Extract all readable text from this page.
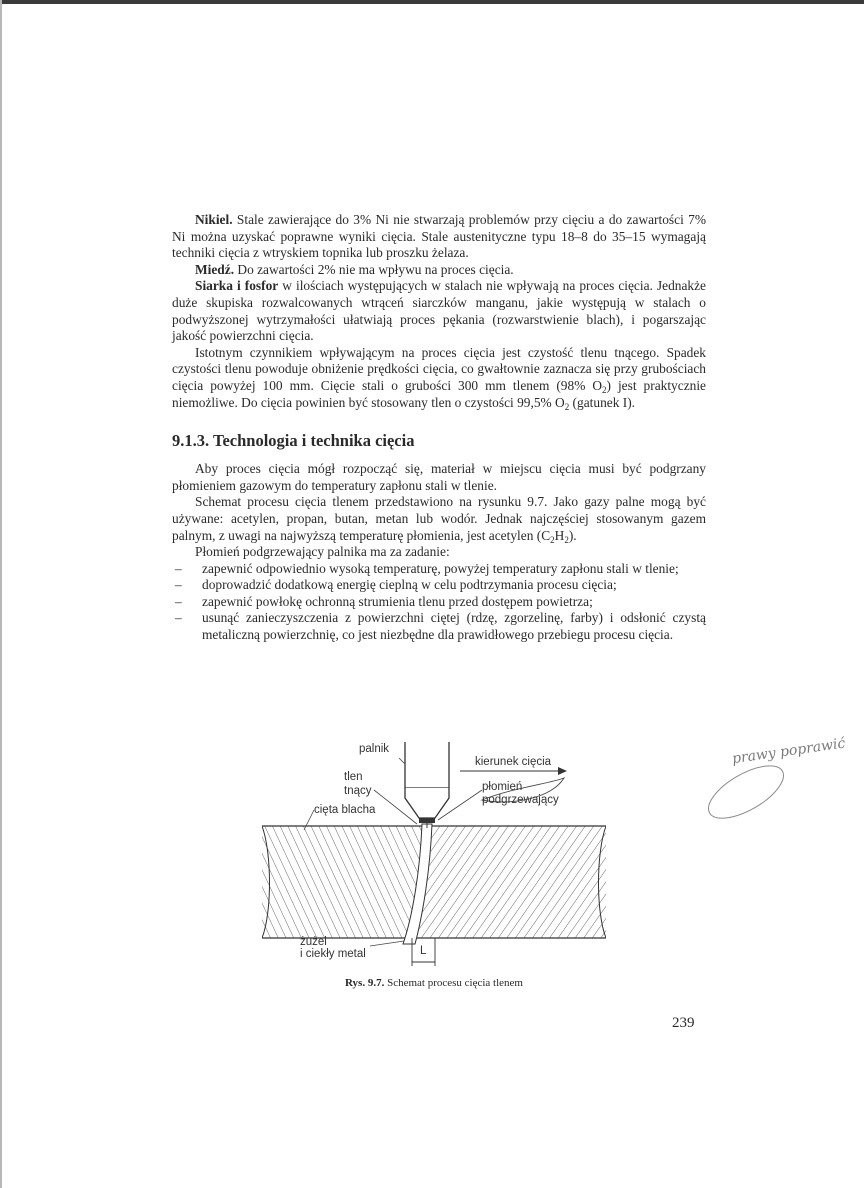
Nikiel. Stale zawierające do 3% Ni nie stwarzają problemów przy cięciu a do zawartości 7% Ni można uzyskać poprawne wyniki cięcia. Stale austenityczne typu 18–8 do 35–15 wymagają techniki cięcia z wtryskiem topnika lub proszku żelaza.

Miedź. Do zawartości 2% nie ma wpływu na proces cięcia.

Siarka i fosfor w ilościach występujących w stalach nie wpływają na proces cięcia. Jednakże duże skupiska rozwalcowanych wtrąceń siarczków manganu, jakie występują w stalach o podwyższonej wytrzymałości ułatwiają proces pękania (rozwarstwienie blach), i pogarszając jakość powierzchni cięcia.

Istotnym czynnikiem wpływającym na proces cięcia jest czystość tlenu tnącego. Spadek czystości tlenu powoduje obniżenie prędkości cięcia, co gwałtownie zaznacza się przy grubościach cięcia powyżej 100 mm. Cięcie stali o grubości 300 mm tlenem (98% $O_2$) jest praktycznie niemożliwe. Do cięcia powinien być stosowany tlen o czystości 99,5% $O_2$ (gatunek I).

9.1.3. Technologia i technika cięcia

Aby proces cięcia mógł rozpocząć się, materiał w miejscu cięcia musi być podgrzany płomieniem gazowym do temperatury zapłonu stali w tlenie.

Schemat procesu cięcia tlenem przedstawiono na rysunku 9.7. Jako gazy palne mogą być używane: acetylen, propan, butan, metan lub wodór. Jednak najczęściej stosowanym gazem palnym, z uwagi na najwyższą temperaturę płomienia, jest acetylen $(C_2H_2)$.

Płomień podgrzewający palnika ma za zadanie:

– zapewnić odpowiednio wysoką temperaturę, powyżej temperatury zapłonu stali w tlenie;
– doprowadzić dodatkową energię cieplną w celu podtrzymania procesu cięcia;
– zapewnić powłokę ochronną strumienia tlenu przed dostępem powietrza;
– usunąć zanieczyszczenia z powierzchni ciętej (rdzę, zgorzelinę, farby) i odsłonić czystą metaliczną powierzchnię, co jest niezbędne dla prawidłowego przebiegu procesu cięcia.
palnik
tlen
tnący
cięta blacha
kierunek cięcia
płomień
podgrzewający
żużel
i ciekły metal	L
Rys. 9.7. Schemat procesu cięcia tlenem
239
prawy poprawić
